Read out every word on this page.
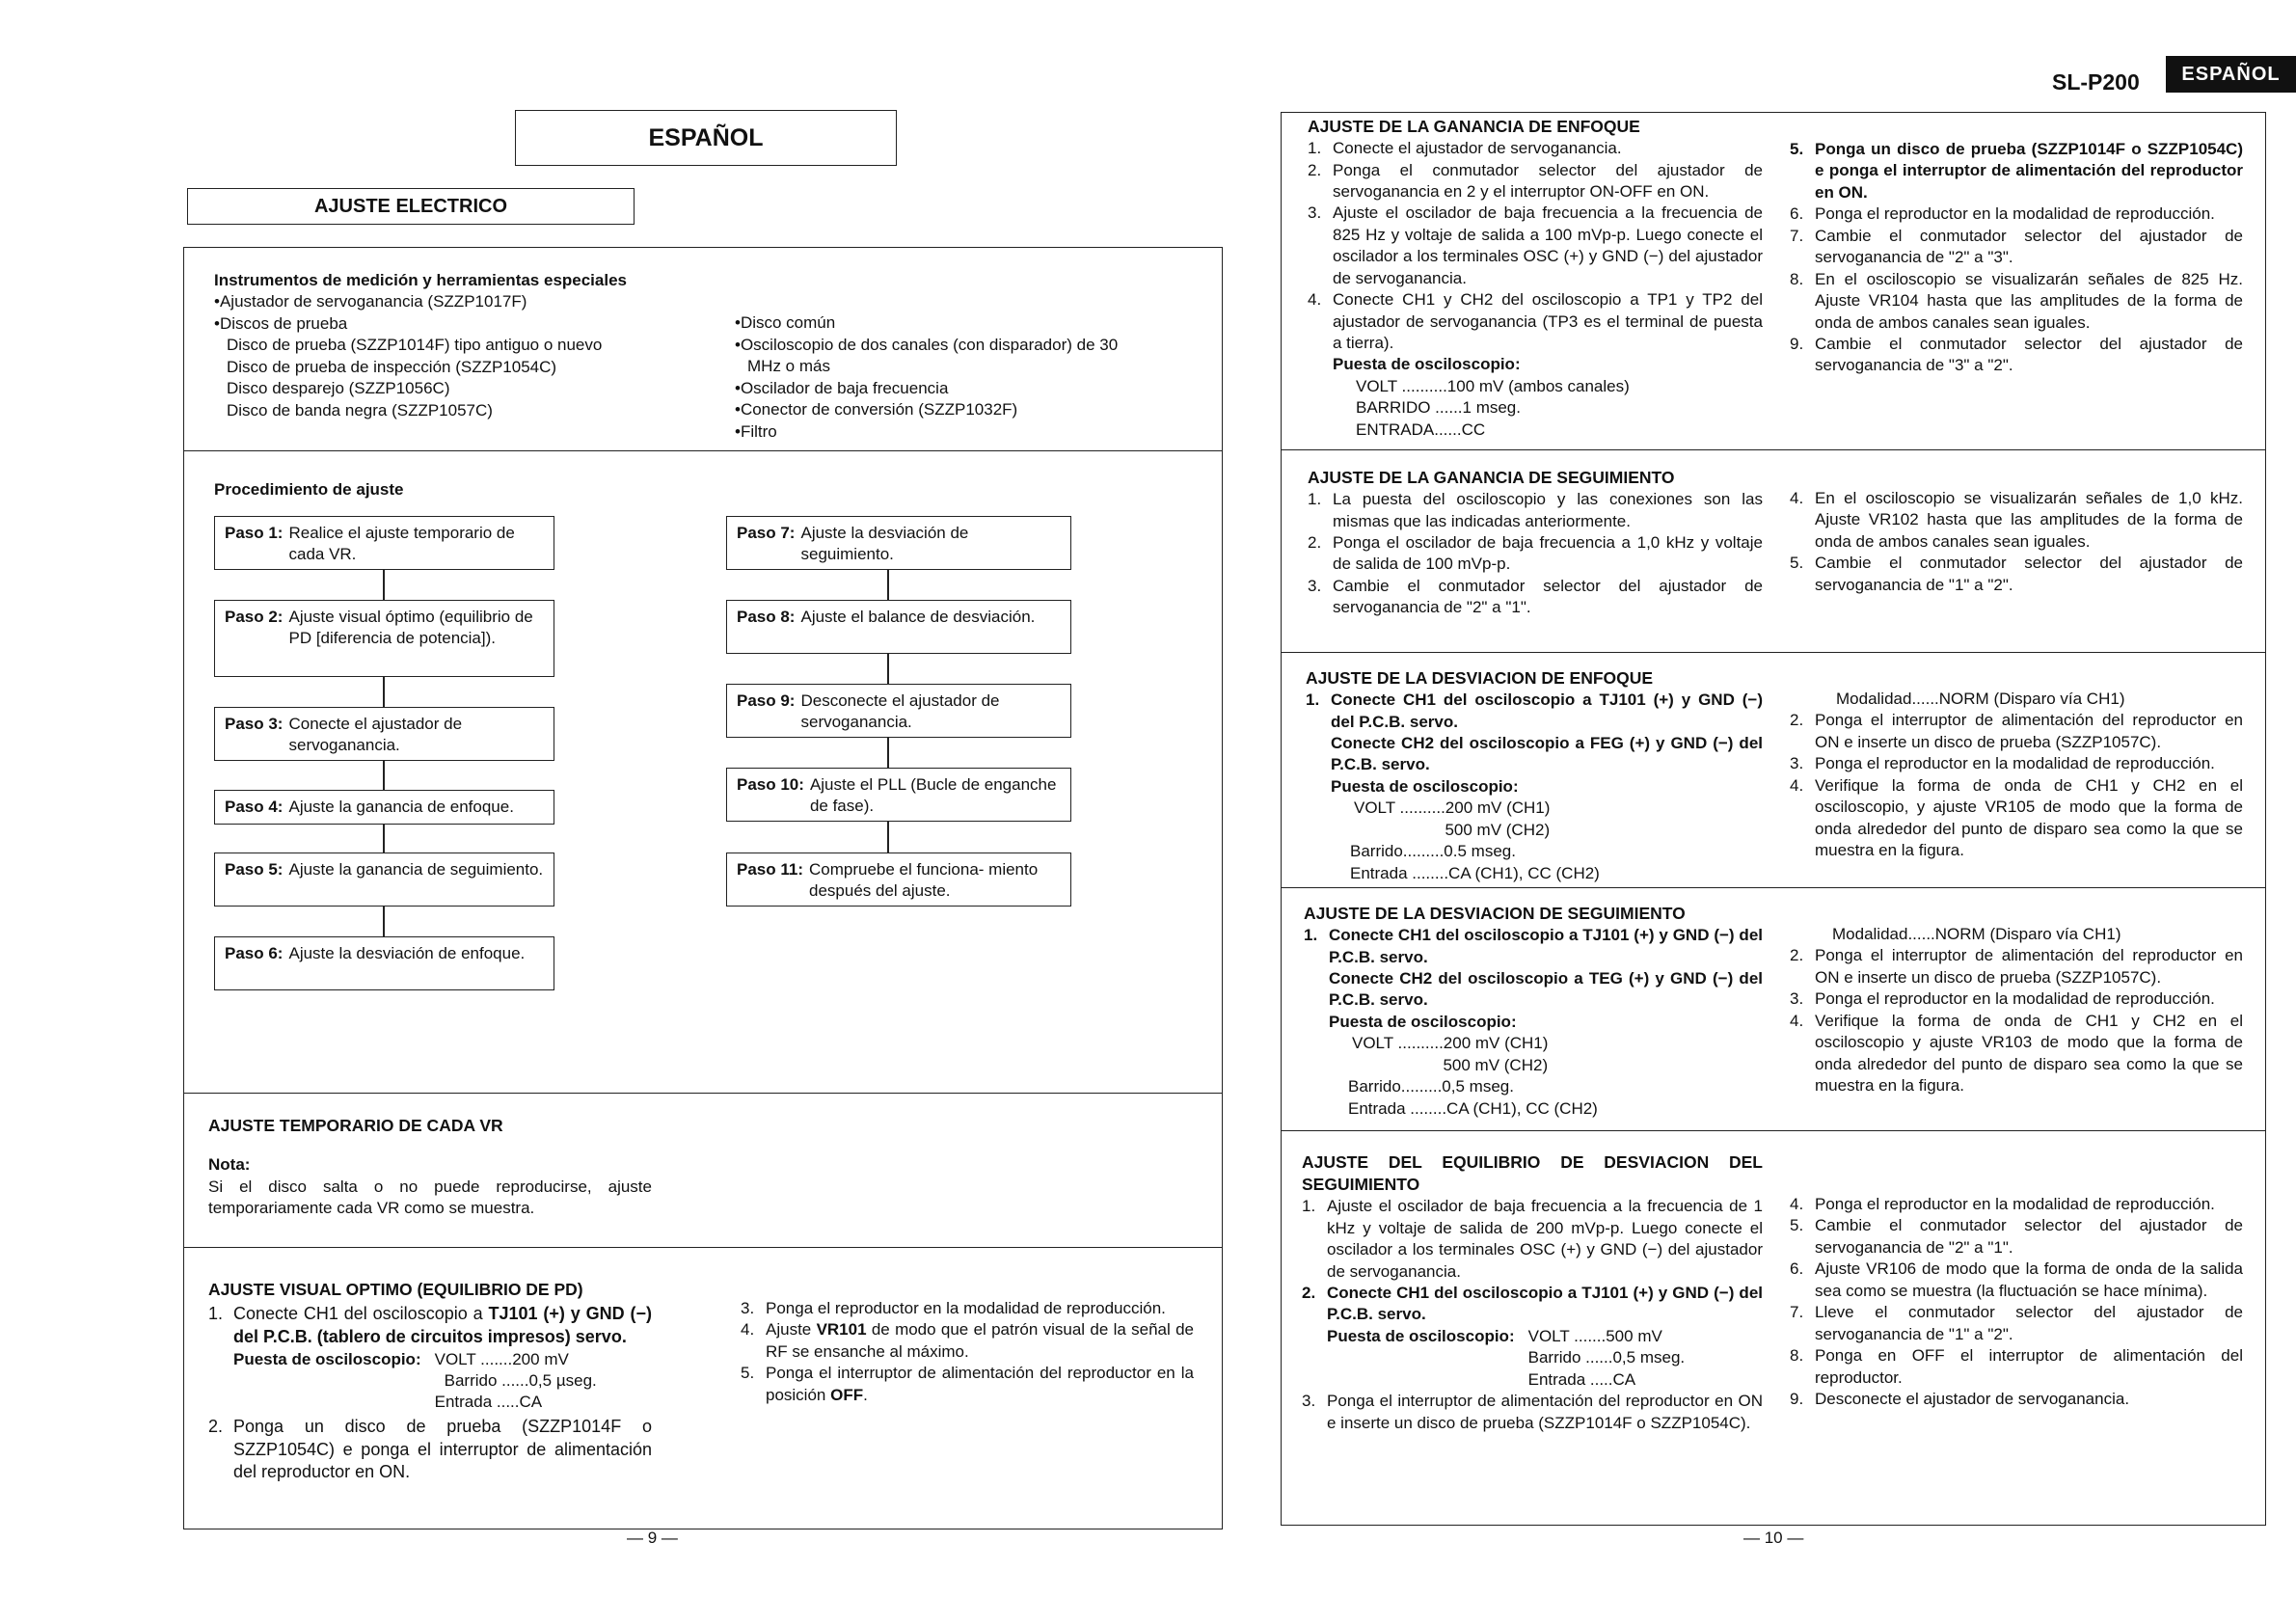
SL-P200	ESPAÑOL
ESPAÑOL
AJUSTE ELECTRICO
Instrumentos de medición y herramientas especiales
•Ajustador de servoganancia (SZZP1017F)
•Discos de prueba
Disco de prueba (SZZP1014F) tipo antiguo o nuevo
Disco de prueba de inspección (SZZP1054C)
Disco desparejo (SZZP1056C)
Disco de banda negra (SZZP1057C)
•Disco común
•Osciloscopio de dos canales (con disparador) de 30
MHz o más
•Oscilador de baja frecuencia
•Conector de conversión (SZZP1032F)
•Filtro
Procedimiento de ajuste
Paso 1: Realice el ajuste temporario de cada VR.
Paso 2: Ajuste visual óptimo (equilibrio de PD [diferencia de potencia]).
Paso 3: Conecte el ajustador de servoganancia.
Paso 4: Ajuste la ganancia de enfoque.
Paso 5: Ajuste la ganancia de seguimiento.
Paso 6: Ajuste la desviación de enfoque.
Paso 7: Ajuste la desviación de seguimiento.
Paso 8: Ajuste el balance de desviación.
Paso 9: Desconecte el ajustador de servoganancia.
Paso 10: Ajuste el PLL (Bucle de enganche de fase).
Paso 11: Compruebe el funciona- miento después del ajuste.
AJUSTE TEMPORARIO DE CADA VR
Nota:
Si el disco salta o no puede reproducirse, ajuste temporariamente cada VR como se muestra.
AJUSTE VISUAL OPTIMO (EQUILIBRIO DE PD)
1. Conecte CH1 del osciloscopio a TJ101 (+) y GND (−) del P.C.B. (tablero de circuitos impresos) servo.
Puesta de osciloscopio: VOLT .......200 mV
Barrido ......0,5 µseg.
Entrada .....CA
2. Ponga un disco de prueba (SZZP1014F o SZZP1054C) e ponga el interruptor de alimentación del reproductor en ON.
3. Ponga el reproductor en la modalidad de reproducción.
4. Ajuste VR101 de modo que el patrón visual de la señal de RF se ensanche al máximo.
5. Ponga el interruptor de alimentación del reproductor en la posición OFF.
— 9 —
AJUSTE DE LA GANANCIA DE ENFOQUE
1. Conecte el ajustador de servoganancia.
2. Ponga el conmutador selector del ajustador de servoganancia en 2 y el interruptor ON-OFF en ON.
3. Ajuste el oscilador de baja frecuencia a la frecuencia de 825 Hz y voltaje de salida a 100 mVp-p. Luego conecte el oscilador a los terminales OSC (+) y GND (−) del ajustador de servoganancia.
4. Conecte CH1 y CH2 del osciloscopio a TP1 y TP2 del ajustador de servoganancia (TP3 es el terminal de puesta a tierra).
Puesta de osciloscopio:
VOLT ..........100 mV (ambos canales)
BARRIDO ......1 mseg.
ENTRADA......CC
5. Ponga un disco de prueba (SZZP1014F o SZZP1054C) e ponga el interruptor de alimentación del reproductor en ON.
6. Ponga el reproductor en la modalidad de reproducción.
7. Cambie el conmutador selector del ajustador de servoganancia de "2" a "3".
8. En el osciloscopio se visualizarán señales de 825 Hz. Ajuste VR104 hasta que las amplitudes de la forma de onda de ambos canales sean iguales.
9. Cambie el conmutador selector del ajustador de servoganancia de "3" a "2".
AJUSTE DE LA GANANCIA DE SEGUIMIENTO
1. La puesta del osciloscopio y las conexiones son las mismas que las indicadas anteriormente.
2. Ponga el oscilador de baja frecuencia a 1,0 kHz y voltaje de salida de 100 mVp-p.
3. Cambie el conmutador selector del ajustador de servoganancia de "2" a "1".
4. En el osciloscopio se visualizarán señales de 1,0 kHz. Ajuste VR102 hasta que las amplitudes de la forma de onda de ambos canales sean iguales.
5. Cambie el conmutador selector del ajustador de servoganancia de "1" a "2".
AJUSTE DE LA DESVIACION DE ENFOQUE
1. Conecte CH1 del osciloscopio a TJ101 (+) y GND (−) del P.C.B. servo.
Conecte CH2 del osciloscopio a FEG (+) y GND (−) del P.C.B. servo.
Puesta de osciloscopio:
VOLT ..........200 mV (CH1)
500 mV (CH2)
Barrido.........0.5 mseg.
Entrada ........CA (CH1), CC (CH2)
Modalidad......NORM (Disparo vía CH1)
2. Ponga el interruptor de alimentación del reproductor en ON e inserte un disco de prueba (SZZP1057C).
3. Ponga el reproductor en la modalidad de reproducción.
4. Verifique la forma de onda de CH1 y CH2 en el osciloscopio, y ajuste VR105 de modo que la forma de onda alrededor del punto de disparo sea como la que se muestra en la figura.
AJUSTE DE LA DESVIACION DE SEGUIMIENTO
1. Conecte CH1 del osciloscopio a TJ101 (+) y GND (−) del P.C.B. servo.
Conecte CH2 del osciloscopio a TEG (+) y GND (−) del P.C.B. servo.
Puesta de osciloscopio:
VOLT ..........200 mV (CH1)
500 mV (CH2)
Barrido.........0,5 mseg.
Entrada ........CA (CH1), CC (CH2)
Modalidad......NORM (Disparo vía CH1)
2. Ponga el interruptor de alimentación del reproductor en ON e inserte un disco de prueba (SZZP1057C).
3. Ponga el reproductor en la modalidad de reproducción.
4. Verifique la forma de onda de CH1 y CH2 en el osciloscopio y ajuste VR103 de modo que la forma de onda alrededor del punto de disparo sea como la que se muestra en la figura.
AJUSTE DEL EQUILIBRIO DE DESVIACION DEL SEGUIMIENTO
1. Ajuste el oscilador de baja frecuencia a la frecuencia de 1 kHz y voltaje de salida de 200 mVp-p. Luego conecte el oscilador a los terminales OSC (+) y GND (−) del ajustador de servoganancia.
2. Conecte CH1 del osciloscopio a TJ101 (+) y GND (−) del P.C.B. servo.
Puesta de osciloscopio: VOLT .......500 mV
Barrido ......0,5 mseg.
Entrada .....CA
3. Ponga el interruptor de alimentación del reproductor en ON e inserte un disco de prueba (SZZP1014F o SZZP1054C).
4. Ponga el reproductor en la modalidad de reproducción.
5. Cambie el conmutador selector del ajustador de servoganancia de "2" a "1".
6. Ajuste VR106 de modo que la forma de onda de la salida sea como se muestra (la fluctuación se hace mínima).
7. Lleve el conmutador selector del ajustador de servoganancia de "1" a "2".
8. Ponga en OFF el interruptor de alimentación del reproductor.
9. Desconecte el ajustador de servoganancia.
— 10 —
